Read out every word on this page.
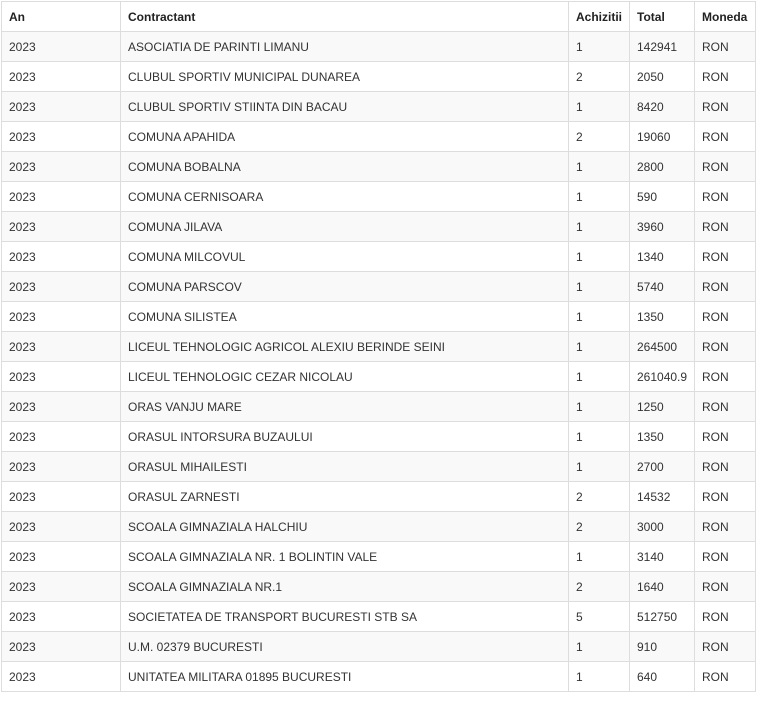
An	Contractant	Achizitii	Total	Moneda
2023	ASOCIATIA DE PARINTI LIMANU	1	142941	RON
2023	CLUBUL SPORTIV MUNICIPAL DUNAREA	2	2050	RON
2023	CLUBUL SPORTIV STIINTA DIN BACAU	1	8420	RON
2023	COMUNA APAHIDA	2	19060	RON
2023	COMUNA BOBALNA	1	2800	RON
2023	COMUNA CERNISOARA	1	590	RON
2023	COMUNA JILAVA	1	3960	RON
2023	COMUNA MILCOVUL	1	1340	RON
2023	COMUNA PARSCOV	1	5740	RON
2023	COMUNA SILISTEA	1	1350	RON
2023	LICEUL TEHNOLOGIC AGRICOL ALEXIU BERINDE SEINI	1	264500	RON
2023	LICEUL TEHNOLOGIC CEZAR NICOLAU	1	261040.9	RON
2023	ORAS VANJU MARE	1	1250	RON
2023	ORASUL INTORSURA BUZAULUI	1	1350	RON
2023	ORASUL MIHAILESTI	1	2700	RON
2023	ORASUL ZARNESTI	2	14532	RON
2023	SCOALA GIMNAZIALA HALCHIU	2	3000	RON
2023	SCOALA GIMNAZIALA NR. 1 BOLINTIN VALE	1	3140	RON
2023	SCOALA GIMNAZIALA NR.1	2	1640	RON
2023	SOCIETATEA DE TRANSPORT BUCURESTI STB SA	5	512750	RON
2023	U.M. 02379 BUCURESTI	1	910	RON
2023	UNITATEA MILITARA 01895 BUCURESTI	1	640	RON
